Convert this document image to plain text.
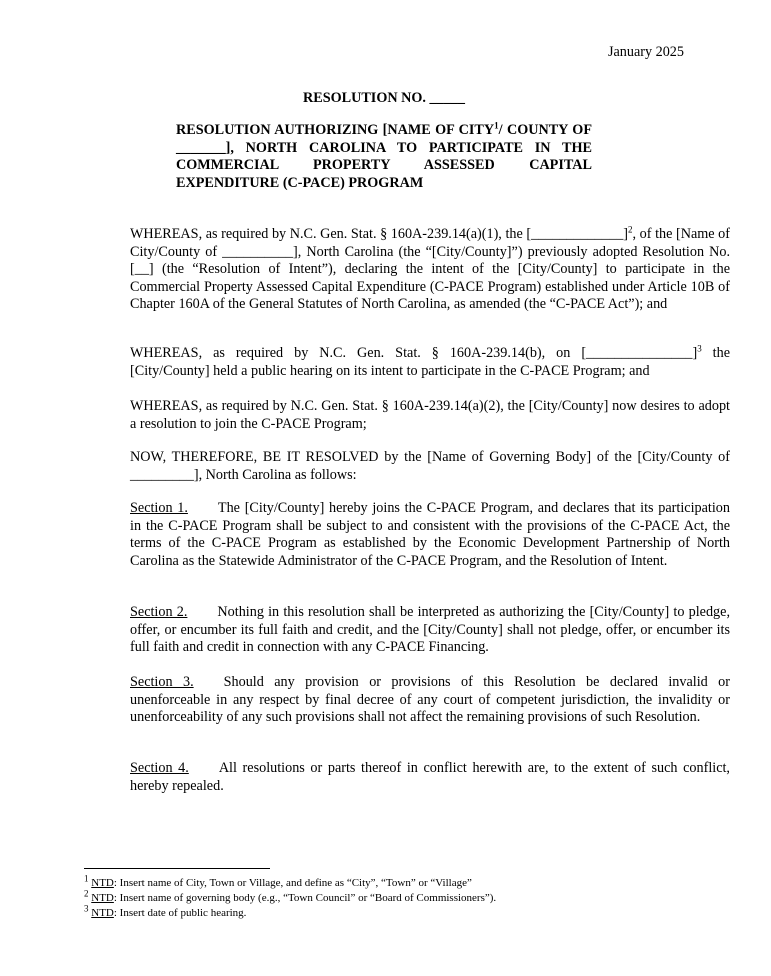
January 2025
RESOLUTION NO. _____
RESOLUTION AUTHORIZING [NAME OF CITY$^1$/ COUNTY OF _______], NORTH CAROLINA TO PARTICIPATE IN THE COMMERCIAL PROPERTY ASSESSED CAPITAL EXPENDITURE (C-PACE) PROGRAM
WHEREAS, as required by N.C. Gen. Stat. § 160A-239.14(a)(1), the [_____________]$^2$, of the [Name of City/County of __________], North Carolina (the “[City/County]”) previously adopted Resolution No. [__] (the “Resolution of Intent”), declaring the intent of the [City/County] to participate in the Commercial Property Assessed Capital Expenditure (C-PACE Program) established under Article 10B of Chapter 160A of the General Statutes of North Carolina, as amended (the “C-PACE Act”); and
WHEREAS, as required by N.C. Gen. Stat. § 160A-239.14(b), on [_______________]$^3$ the [City/County] held a public hearing on its intent to participate in the C-PACE Program; and
WHEREAS, as required by N.C. Gen. Stat. § 160A-239.14(a)(2), the [City/County] now desires to adopt a resolution to join the C-PACE Program;
NOW, THEREFORE, BE IT RESOLVED by the [Name of Governing Body] of the [City/County of _________], North Carolina as follows:
Section 1. The [City/County] hereby joins the C-PACE Program, and declares that its participation in the C-PACE Program shall be subject to and consistent with the provisions of the C-PACE Act, the terms of the C-PACE Program as established by the Economic Development Partnership of North Carolina as the Statewide Administrator of the C-PACE Program, and the Resolution of Intent.
Section 2. Nothing in this resolution shall be interpreted as authorizing the [City/County] to pledge, offer, or encumber its full faith and credit, and the [City/County] shall not pledge, offer, or encumber its full faith and credit in connection with any C-PACE Financing.
Section 3. Should any provision or provisions of this Resolution be declared invalid or unenforceable in any respect by final decree of any court of competent jurisdiction, the invalidity or unenforceability of any such provisions shall not affect the remaining provisions of such Resolution.
Section 4. All resolutions or parts thereof in conflict herewith are, to the extent of such conflict, hereby repealed.
$^1$ NTD: Insert name of City, Town or Village, and define as “City”, “Town” or “Village”
$^2$ NTD: Insert name of governing body (e.g., “Town Council” or “Board of Commissioners”).
$^3$ NTD: Insert date of public hearing.
